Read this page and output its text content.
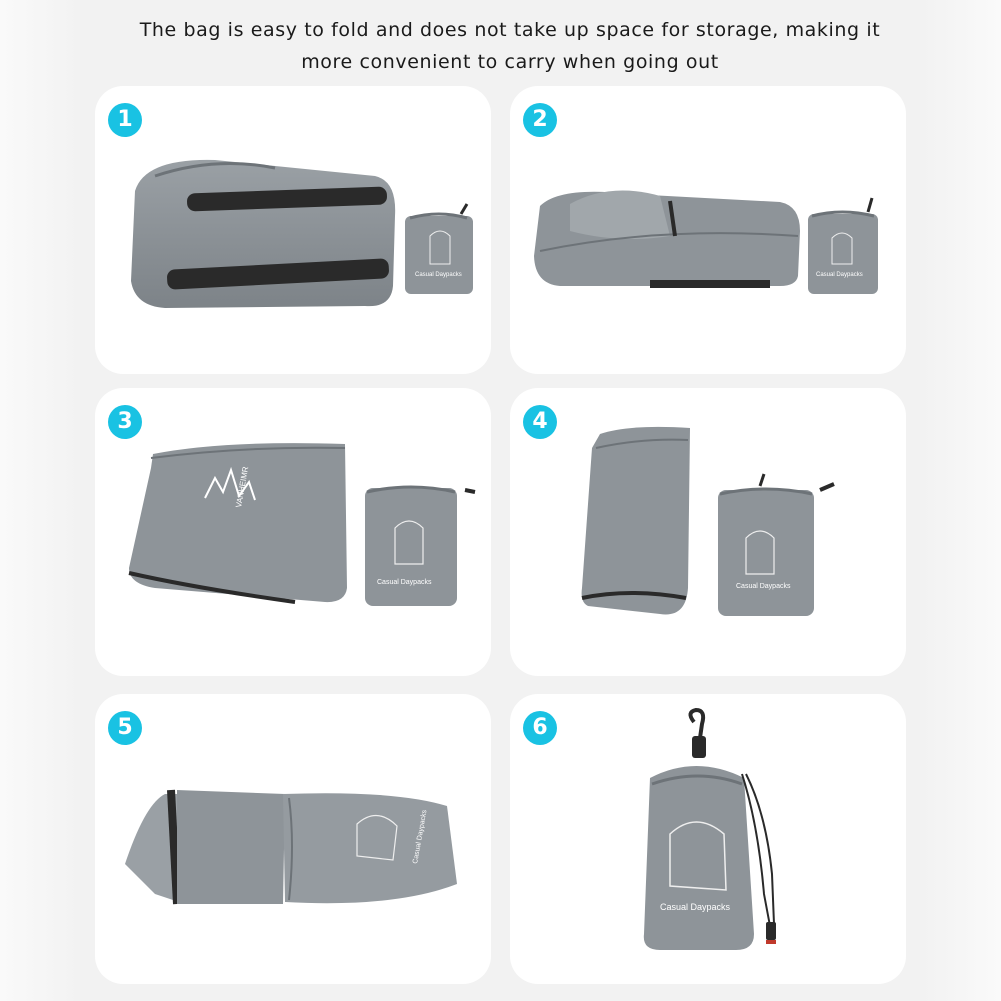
The bag is easy to fold and does not take up space for storage, making it
more convenient to carry when going out
Casual Daypacks
1
Casual Daypacks
2
VANHEIMR
Casual Daypacks
3
Casual Daypacks
4
Casual Daypacks
5
Casual Daypacks
6
